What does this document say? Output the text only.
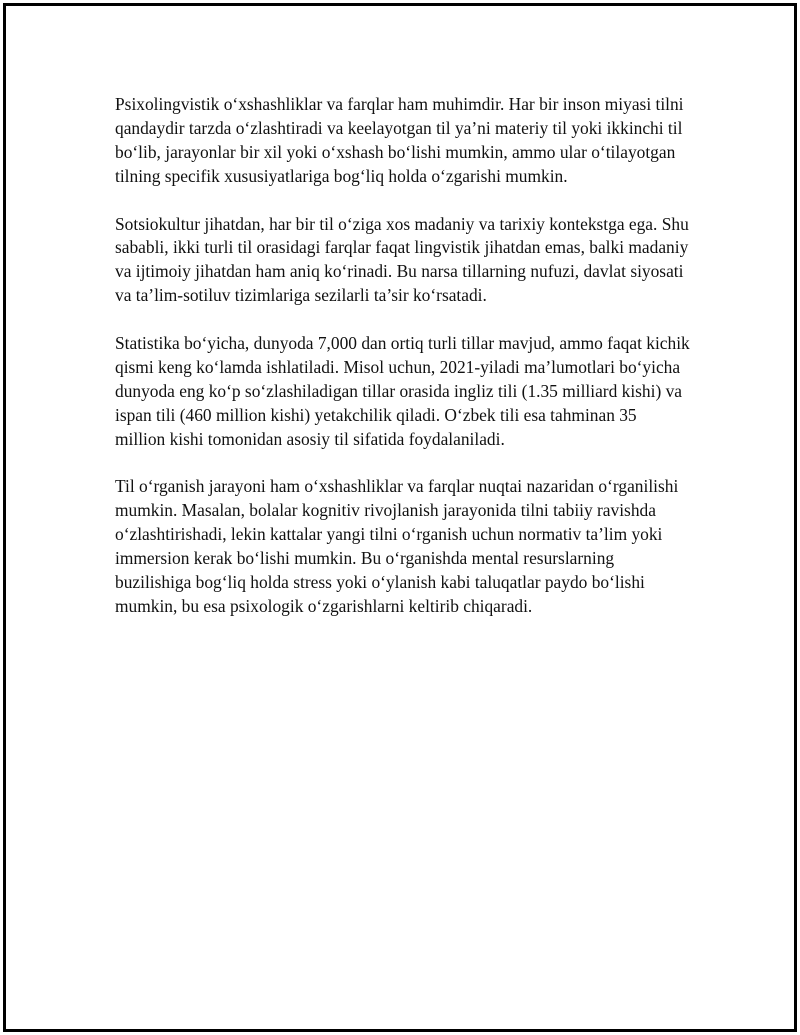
Psixolingvistik o‘xshashliklar va farqlar ham muhimdir. Har bir inson miyasi tilni qandaydir tarzda o‘zlashtiradi va keelayotgan til ya’ni materiy til yoki ikkinchi til bo‘lib, jarayonlar bir xil yoki o‘xshash bo‘lishi mumkin, ammo ular o‘tilayotgan tilning specifik xususiyatlariga bog‘liq holda o‘zgarishi mumkin.

Sotsiokultur jihatdan, har bir til o‘ziga xos madaniy va tarixiy kontekstga ega. Shu sababli, ikki turli til orasidagi farqlar faqat lingvistik jihatdan emas, balki madaniy va ijtimoiy jihatdan ham aniq ko‘rinadi. Bu narsa tillarning nufuzi, davlat siyosati va ta’lim-sotiluv tizimlariga sezilarli ta’sir ko‘rsatadi.

Statistika bo‘yicha, dunyoda 7,000 dan ortiq turli tillar mavjud, ammo faqat kichik qismi keng ko‘lamda ishlatiladi. Misol uchun, 2021-yiladi ma’lumotlari bo‘yicha dunyoda eng ko‘p so‘zlashiladigan tillar orasida ingliz tili (1.35 milliard kishi) va ispan tili (460 million kishi) yetakchilik qiladi. O‘zbek tili esa tahminan 35 million kishi tomonidan asosiy til sifatida foydalaniladi.

Til o‘rganish jarayoni ham o‘xshashliklar va farqlar nuqtai nazaridan o‘rganilishi mumkin. Masalan, bolalar kognitiv rivojlanish jarayonida tilni tabiiy ravishda o‘zlashtirishadi, lekin kattalar yangi tilni o‘rganish uchun normativ ta’lim yoki immersion kerak bo‘lishi mumkin. Bu o‘rganishda mental resurslarning buzilishiga bog‘liq holda stress yoki o‘ylanish kabi taluqatlar paydo bo‘lishi mumkin, bu esa psixologik o‘zgarishlarni keltirib chiqaradi.
